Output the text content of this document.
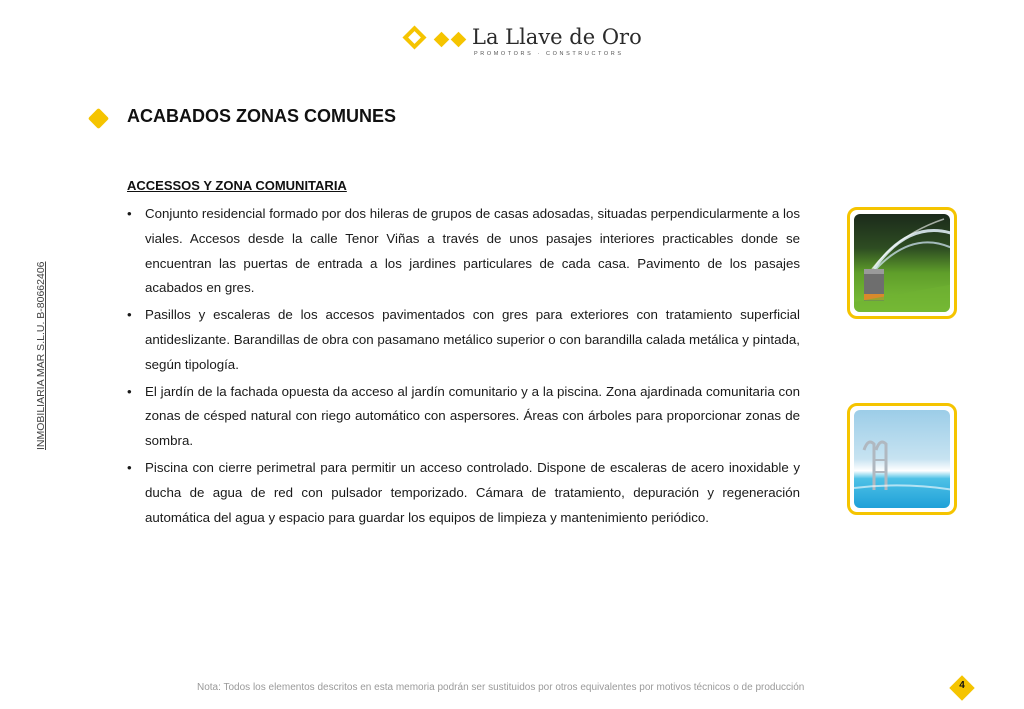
La Llave de Oro
PROMOTORS · CONSTRUCTORS
INMOBILIARIA MAR S.L.U. B-80662406
ACABADOS ZONAS COMUNES
ACCESSOS Y ZONA COMUNITARIA
• Conjunto residencial formado por dos hileras de grupos de casas adosadas, situadas perpendicularmente a los viales. Accesos desde la calle Tenor Viñas a través de unos pasajes interiores practicables donde se encuentran las puertas de entrada a los jardines particulares de cada casa. Pavimento de los pasajes acabados en gres.
• Pasillos y escaleras de los accesos pavimentados con gres para exteriores con tratamiento superficial antideslizante. Barandillas de obra con pasamano metálico superior o con barandilla calada metálica y pintada, según tipología.
• El jardín de la fachada opuesta da acceso al jardín comunitario y a la piscina. Zona ajardinada comunitaria con zonas de césped natural con riego automático con aspersores. Áreas con árboles para proporcionar zonas de sombra.
• Piscina con cierre perimetral para permitir un acceso controlado. Dispone de escaleras de acero inoxidable y ducha de agua de red con pulsador temporizado. Cámara de tratamiento, depuración y regeneración automática del agua y espacio para guardar los equipos de limpieza y mantenimiento periódico.
Nota: Todos los elementos descritos en esta memoria podrán ser sustituidos por otros equivalentes por motivos técnicos o de producción	4
